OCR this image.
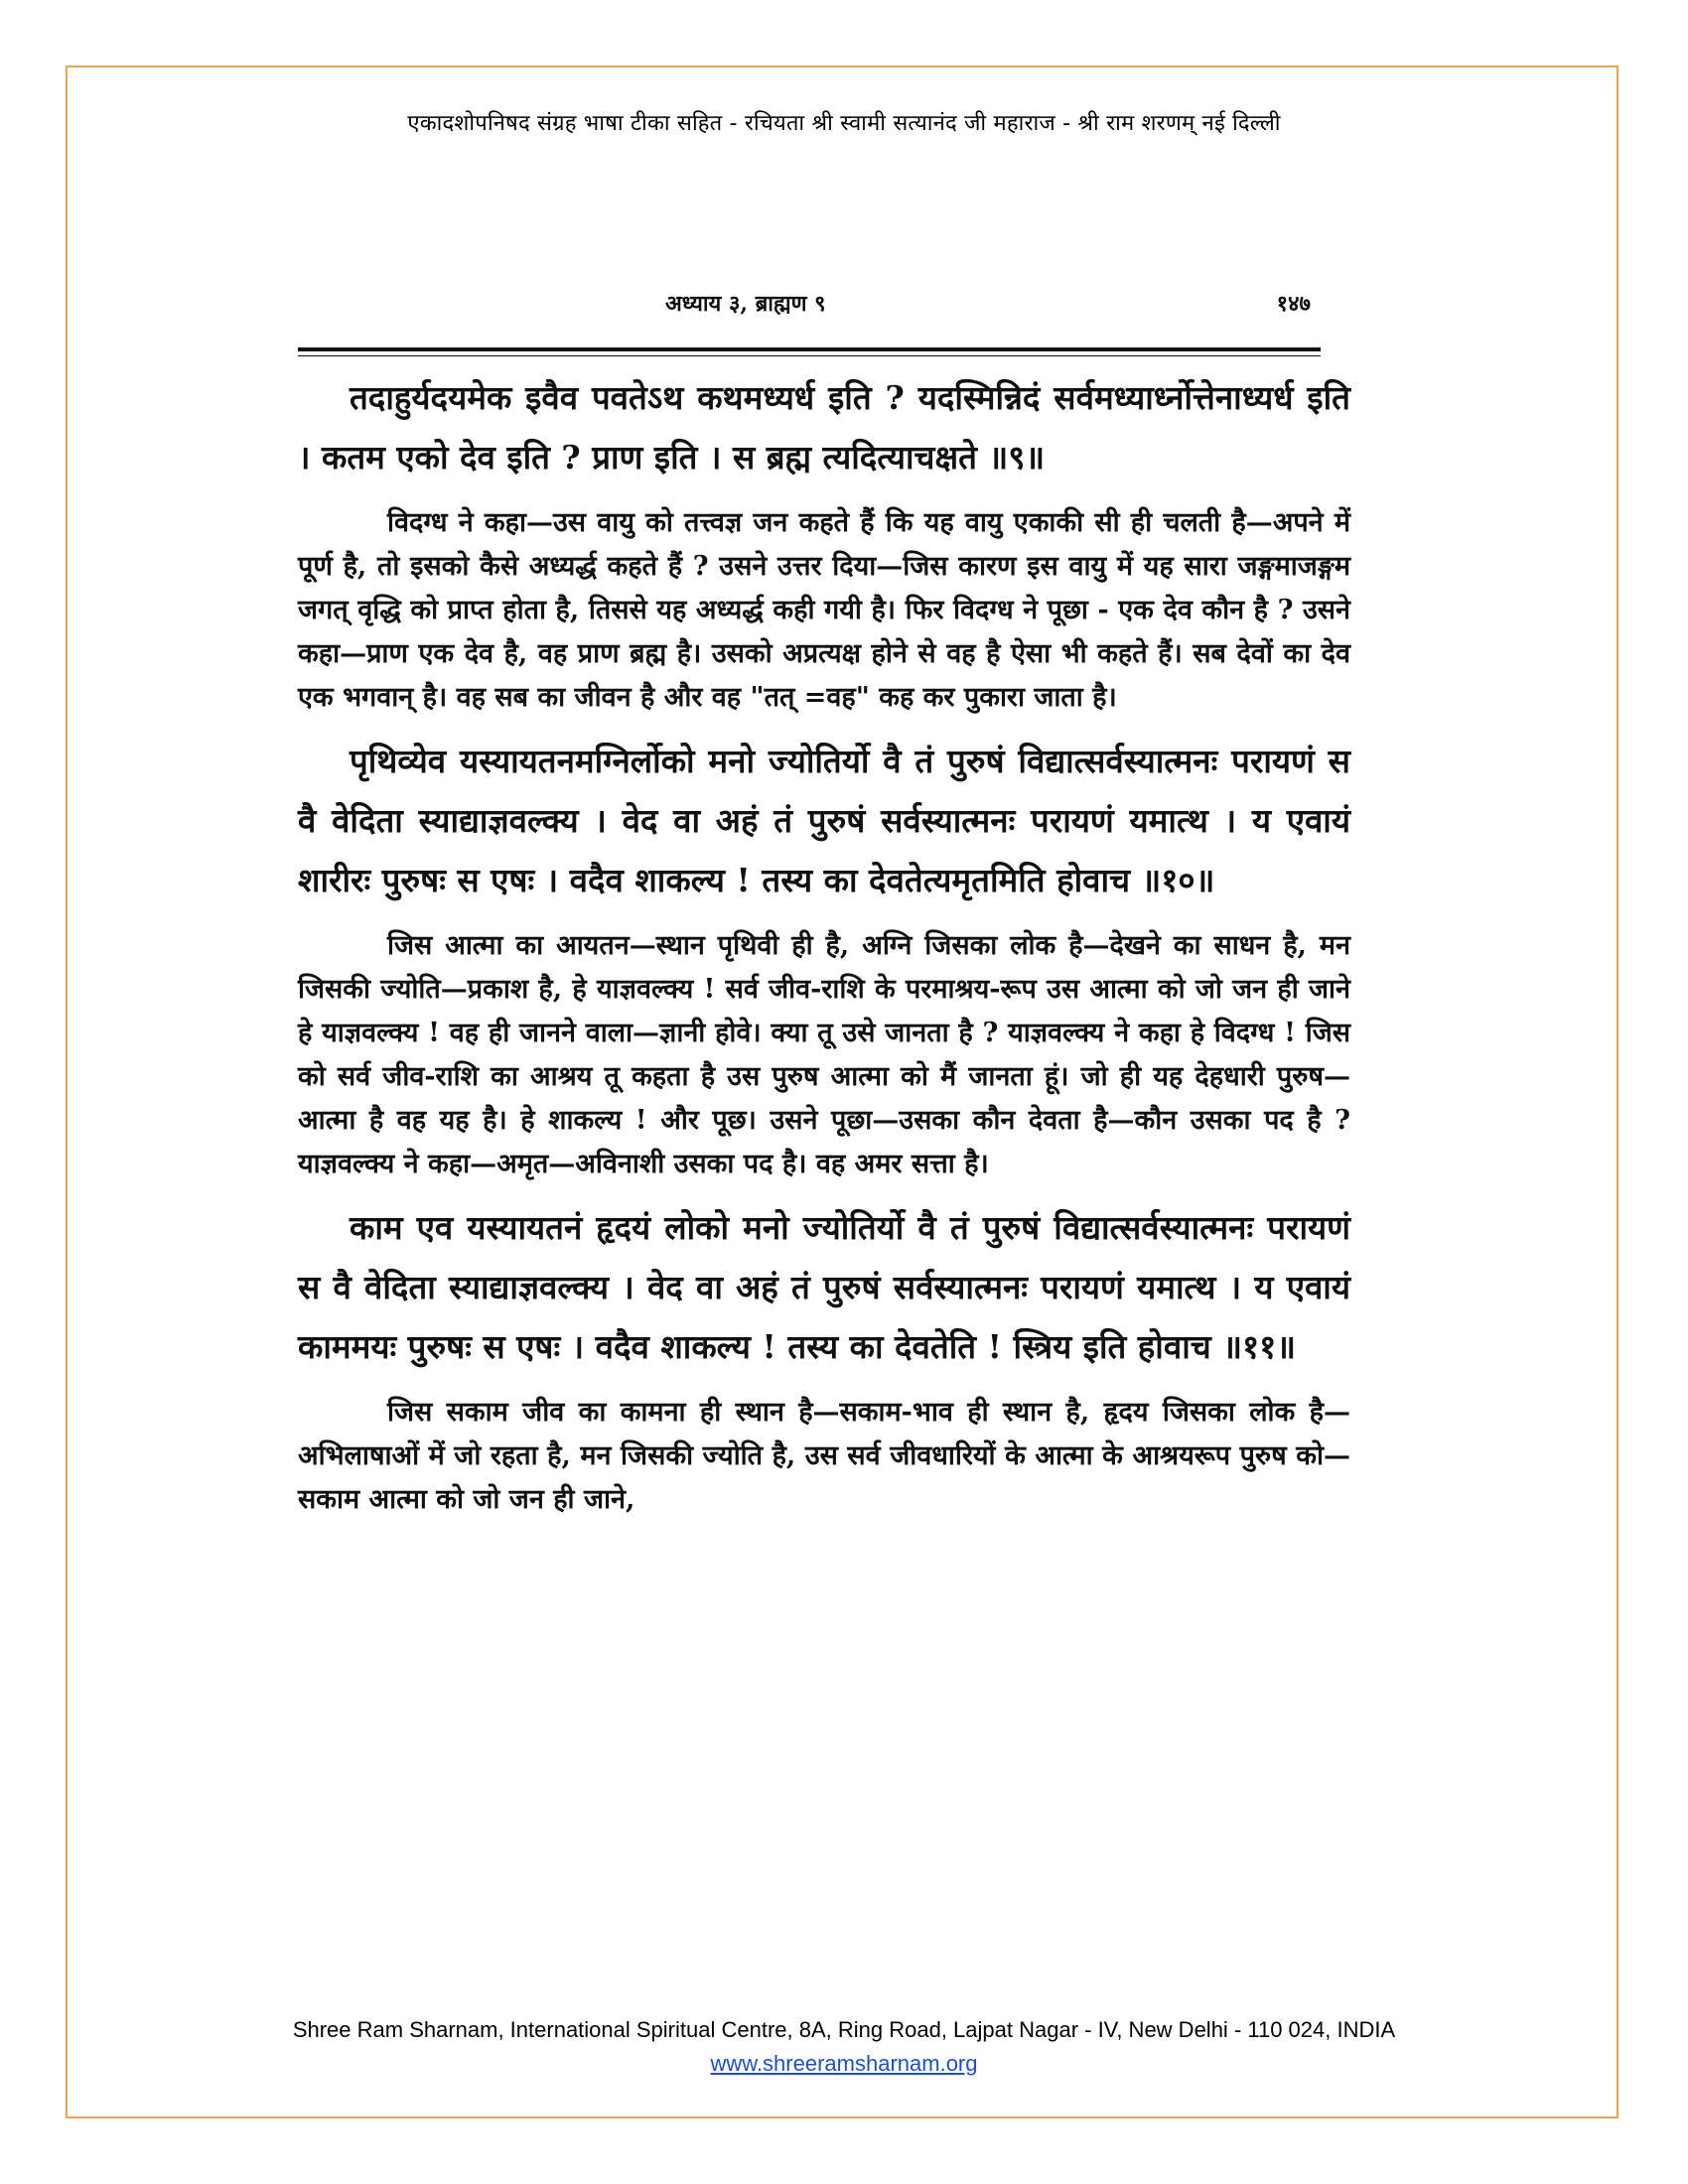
एकादशोपनिषद संग्रह भाषा टीका सहित - रचियता श्री स्वामी सत्यानंद जी महाराज - श्री राम शरणम् नई दिल्ली
अध्याय ३, ब्राह्मण ९	१४७

तदाहुर्यदयमेक इवैव पवतेऽथ कथमध्यर्ध इति ? यदस्मिन्निदं सर्वमध्यार्ध्नोत्तेनाध्यर्ध इति । कतम एको देव इति ? प्राण इति । स ब्रह्म त्यदित्याचक्षते ॥९॥

विदग्ध ने कहा—उस वायु को तत्त्वज्ञ जन कहते हैं कि यह वायु एकाकी सी ही चलती है—अपने में पूर्ण है, तो इसको कैसे अध्यर्द्ध कहते हैं ? उसने उत्तर दिया—जिस कारण इस वायु में यह सारा जङ्गमाजङ्गम जगत् वृद्धि को प्राप्त होता है, तिससे यह अध्यर्द्ध कही गयी है। फिर विदग्ध ने पूछा - एक देव कौन है ? उसने कहा—प्राण एक देव है, वह प्राण ब्रह्म है। उसको अप्रत्यक्ष होने से वह है ऐसा भी कहते हैं। सब देवों का देव एक भगवान् है। वह सब का जीवन है और वह "तत् =वह" कह कर पुकारा जाता है।

पृथिव्येव यस्यायतनमग्निर्लोको मनो ज्योतिर्यो वै तं पुरुषं विद्यात्सर्वस्यात्मनः परायणं स वै वेदिता स्याद्याज्ञवल्क्य । वेद वा अहं तं पुरुषं सर्वस्यात्मनः परायणं यमात्थ । य एवायं शारीरः पुरुषः स एषः । वदैव शाकल्य ! तस्य का देवतेत्यमृतमिति होवाच ॥१०॥

जिस आत्मा का आयतन—स्थान पृथिवी ही है, अग्नि जिसका लोक है—देखने का साधन है, मन जिसकी ज्योति—प्रकाश है, हे याज्ञवल्क्य ! सर्व जीव-राशि के परमाश्रय-रूप उस आत्मा को जो जन ही जाने हे याज्ञवल्क्य ! वह ही जानने वाला—ज्ञानी होवे। क्या तू उसे जानता है ? याज्ञवल्क्य ने कहा हे विदग्ध ! जिस को सर्व जीव-राशि का आश्रय तू कहता है उस पुरुष आत्मा को मैं जानता हूं। जो ही यह देहधारी पुरुष—आत्मा है वह यह है। हे शाकल्य ! और पूछ। उसने पूछा—उसका कौन देवता है—कौन उसका पद है ? याज्ञवल्क्य ने कहा—अमृत—अविनाशी उसका पद है। वह अमर सत्ता है।

काम एव यस्यायतनं हृदयं लोको मनो ज्योतिर्यो वै तं पुरुषं विद्यात्सर्वस्यात्मनः परायणं स वै वेदिता स्याद्याज्ञवल्क्य । वेद वा अहं तं पुरुषं सर्वस्यात्मनः परायणं यमात्थ । य एवायं काममयः पुरुषः स एषः । वदैव शाकल्य ! तस्य का देवतेति ! स्त्रिय इति होवाच ॥११॥

जिस सकाम जीव का कामना ही स्थान है—सकाम-भाव ही स्थान है, हृदय जिसका लोक है—अभिलाषाओं में जो रहता है, मन जिसकी ज्योति है, उस सर्व जीवधारियों के आत्मा के आश्रयरूप पुरुष को—सकाम आत्मा को जो जन ही जाने,

Shree Ram Sharnam, International Spiritual Centre, 8A, Ring Road, Lajpat Nagar - IV, New Delhi - 110 024, INDIA
www.shreeramsharnam.org
